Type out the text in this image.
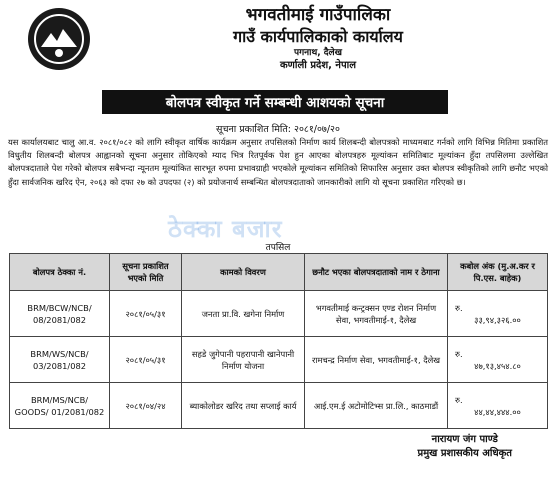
भगवतीमाई गाउँपालिका
गाउँ कार्यपालिकाको कार्यालय
पगनाथ, दैलेख
कर्णाली प्रदेश, नेपाल
बोलपत्र स्वीकृत गर्ने सम्बन्धी आशयको सूचना
सूचना प्रकाशित मिति: २०८१/०७/२०
यस कार्यालयबाट चालु आ.व. २०८१/०८२ को लागि स्वीकृत वार्षिक कार्यक्रम अनुसार तपसिलको निर्माण कार्य शिलबन्दी बोलपत्रको माध्यमबाट गर्नको लागि विभिन्न मितिमा प्रकाशित विधुतीय शिलबन्दी बोलपत्र आह्वानको सूचना अनुसार तोकिएको म्याद भित्र रितपूर्वक पेश हुन आएका बोलपत्रहरु मूल्यांकन समितिबाट मूल्यांकन हुँदा तपसिलमा उल्लेखित बोलपत्रदाताले पेश गरेको बोलपत्र सबैभन्दा न्यूनतम मूल्यांकित सारभूत रुपमा प्रभावग्राही भएकोले मूल्यांकन समितिको सिफारिस अनुसार उक्त बोलपत्र स्वीकृतिको लागि छनौट भएको हुँदा सार्वजनिक खरिद ऐन, २०६३ को दफा २७ को उपदफा (२) को प्रयोजनार्थ सम्बन्धित बोलपत्रदाताको जानकारीको लागि यो सूचना प्रकाशित गरिएको छ।
ठेक्का बजार
तपसिल
बोलपत्र ठेक्का नं.	सूचना प्रकाशित भएको मिति	कामको विवरण	छनौट भएका बोलपत्रदाताको नाम र ठेगाना	कबोल अंक (मु.अ.कर र पि.एस. बाहेक)
BRM/BCW/NCB/ 08/2081/082	२०८१/०५/३१	जनता प्रा.वि. खगेना निर्माण	भगवतीमाई कन्ट्रक्सन एण्ड रोशन निर्माण सेवा, भगवतीमाई-१, दैलेख	रु.
३३,९४,३२६.००

BRM/WS/NCB/ 03/2081/082	२०८१/०५/३१	सहडे जुगेपानी पहरापानी खानेपानी निर्माण योजना	रामचन्द्र निर्माण सेवा, भगवतीमाई-१, दैलेख	रु.
४७,१३,४५४.८०

BRM/MS/NCB/ GOODS/ 01/2081/082	२०८१/०४/२४	ब्याकोलोडर खरिद तथा सप्लाई कार्य	आई.एम.ई अटोमोटिभ्स प्रा.लि., काठमाडौं	रु.
४४,४४,४४४.००
नारायण जंग पाण्डे
प्रमुख प्रशासकीय अधिकृत
